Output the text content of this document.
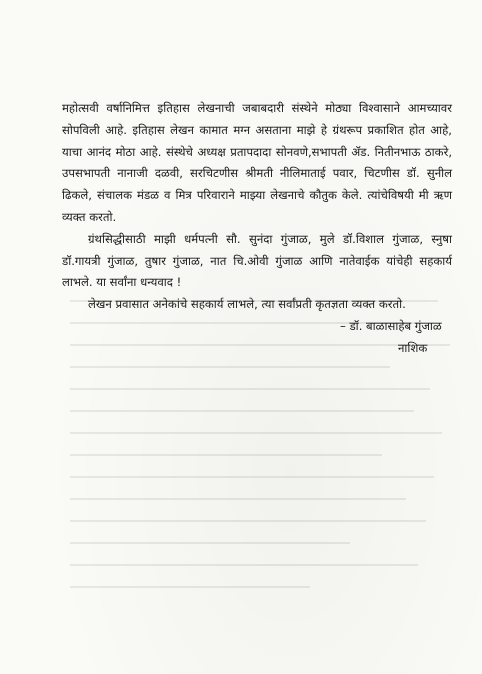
महोत्सवी वर्षानिमित्त इतिहास लेखनाची जबाबदारी संस्थेने मोठ्या विश्वासाने आमच्यावर सोपविली आहे. इतिहास लेखन कामात मग्न असताना माझे हे ग्रंथरूप प्रकाशित होत आहे, याचा आनंद मोठा आहे. संस्थेचे अध्यक्ष प्रतापदादा सोनवणे,सभापती ॲड. नितीनभाऊ ठाकरे, उपसभापती नानाजी दळवी, सरचिटणीस श्रीमती नीलिमाताई पवार, चिटणीस डॉ. सुनील ढिकले, संचालक मंडळ व मित्र परिवाराने माझ्या लेखनाचे कौतुक केले. त्यांचेविषयी मी ऋण व्यक्त करतो.

ग्रंथसिद्धीसाठी माझी धर्मपत्नी सौ. सुनंदा गुंजाळ, मुले डॉ.विशाल गुंजाळ, स्नुषा डॉ.गायत्री गुंजाळ, तुषार गुंजाळ, नात चि.ओवी गुंजाळ आणि नातेवाईक यांचेही सहकार्य लाभले. या सर्वांना धन्यवाद !

लेखन प्रवासात अनेकांचे सहकार्य लाभले, त्या सर्वांप्रती कृतज्ञता व्यक्त करतो.

– डॉ. बाळासाहेब गुंजाळ
नाशिक
